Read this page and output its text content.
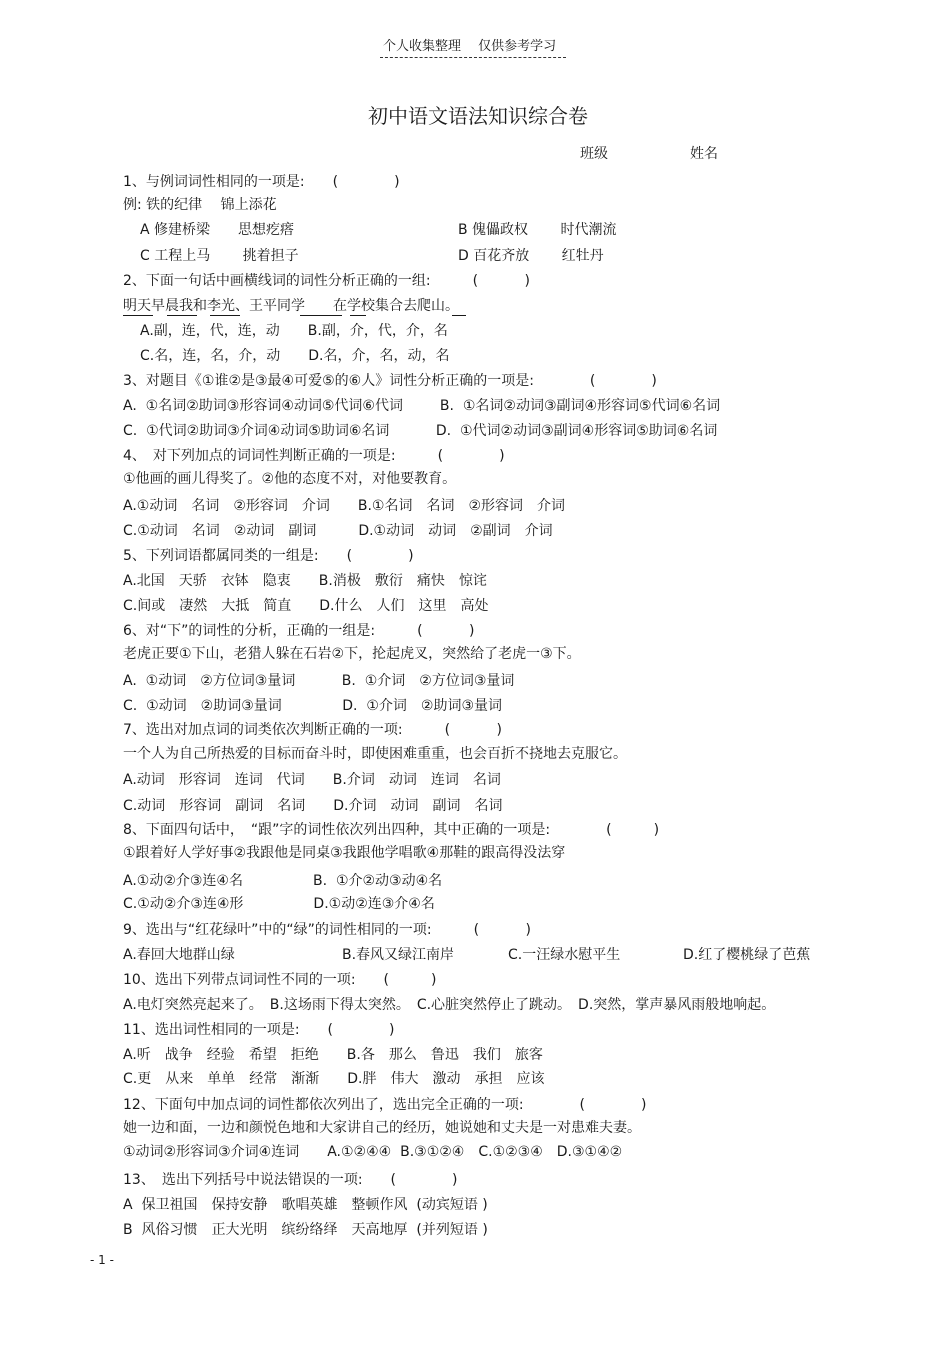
个人收集整理　 仅供参考学习
初中语文语法知识综合卷
班级	姓名
1、与例词词性相同的一项是:　　(　　　　)
例: 铁的纪律　 锦上添花
A 修建桥梁　　思想疙瘩	B 傀儡政权　　 时代潮流
C 工程上马　　 挑着担子	D 百花齐放　　 红牡丹
2、下面一句话中画横线词的词性分析正确的一组:　　　(　　　 )
明天早晨我和李光、王平同学　　在学校集合去爬山。
A.副，连，代，连，动　　B.副，介，代，介，名
C.名，连，名，介，动　　D.名，介，名，动，名
3、对题目《①谁②是③最④可爱⑤的⑥人》词性分析正确的一项是:　　　　(　　　　)
A.  ①名词②助词③形容词④动词⑤代词⑥代词　　  B.  ①名词②动词③副词④形容词⑤代词⑥名词
C.  ①代词②助词③介词④动词⑤助词⑥名词　　　 D.  ①代词②动词③副词④形容词⑤助词⑥名词
4、　对下列加点的词词性判断正确的一项是:　　　(　　　　)
①他画的画儿得奖了。②他的态度不对，对他要教育。
A.①动词　名词　②形容词　介词　　B.①名词　名词　②形容词　介词
C.①动词　名词　②动词　副词　　　D.①动词　动词　②副词　介词
5、下列词语都属同类的一组是:　　(　　　　)
A.北国　天骄　衣钵　隐衷　　B.消极　敷衍　痛快　惊诧
C.间或　凄然　大抵　简直　　D.什么　人们　这里　高处
6、对“下”的词性的分析，正确的一组是:　　　(　　　 )
老虎正要①下山，老猎人躲在石岩②下，抡起虎叉，突然给了老虎一③下。
A.  ①动词　②方位词③量词　　　 B.  ①介词　②方位词③量词
C.  ①动词　②助词③量词　　　　 D.  ①介词　②助词③量词
7、选出对加点词的词类依次判断正确的一项:　　　(　　　 )
一个人为自己所热爱的目标而奋斗时，即使困难重重，也会百折不挠地去克服它。
A.动词　形容词　连词　代词　　B.介词　动词　连词　名词
C.动词　形容词　副词　名词　　D.介词　动词　副词　名词
8、下面四句话中，　“跟”字的词性依次列出四种，其中正确的一项是:　　　　(　　　)
①跟着好人学好事②我跟他是同桌③我跟他学唱歌④那鞋的跟高得没法穿
A.①动②介③连④名　　　　　B.  ①介②动③动④名
C.①动②介③连④形　　　　　D.①动②连③介④名
9、选出与“红花绿叶”中的“绿”的词性相同的一项:　　　(　　　 )
A.春回大地群山绿	B.春风又绿江南岸	C.一汪绿水慰平生	D.红了樱桃绿了芭蕉
10、选出下列带点词词性不同的一项:　　(　　　)
A.电灯突然亮起来了。　B.这场雨下得太突然。　C.心脏突然停止了跳动。　D.突然，掌声暴风雨般地响起。
11、选出词性相同的一项是:　　(　　　　)
A.听　战争　经验　希望　拒绝　　B.各　那么　鲁迅　我们　旅客
C.更　从来　单单　经常　渐渐　　D.胖　伟大　激动　承担　应该
12、下面句中加点词的词性都依次列出了，选出完全正确的一项:　　　　(　　　　)
她一边和面，一边和颜悦色地和大家讲自己的经历，她说她和丈夫是一对患难夫妻。
①动词②形容词③介词④连词　　A.①②④④  B.③①②④　C.①②③④　D.③①④②
13、　选出下列括号中说法错误的一项:　　(　　　　)
A  保卫祖国　保持安静　歌唱英雄　整顿作风  (动宾短语 )
B  风俗习惯　正大光明　缤纷络绎　天高地厚  (并列短语 )
- 1 -
